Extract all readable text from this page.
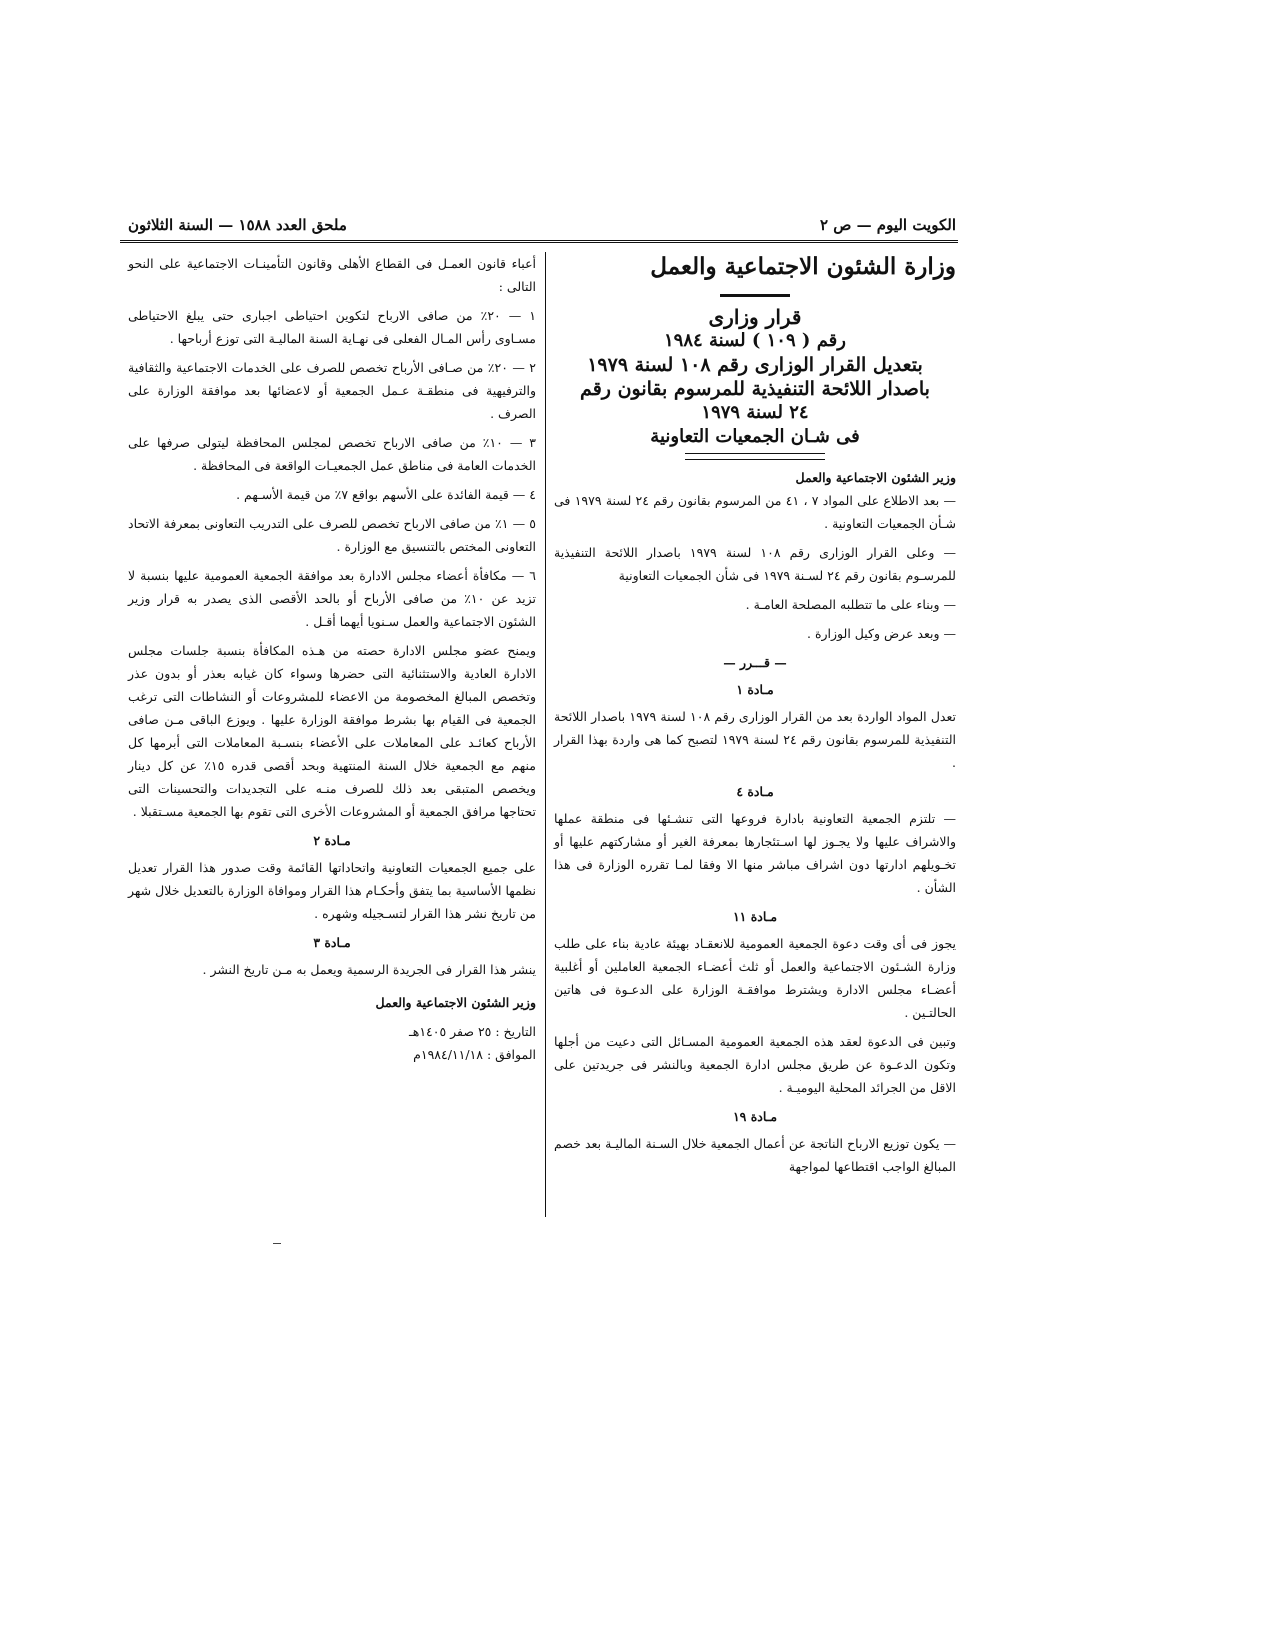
الكويت اليوم — ص ٢
ملحق العدد ١٥٨٨ — السنة الثلاثون
وزارة الشئون الاجتماعية والعمل
قرار وزارى
رقم ( ١٠٩ ) لسنة ١٩٨٤
بتعديل القرار الوزارى رقم ١٠٨ لسنة ١٩٧٩
باصدار اللائحة التنفيذية للمرسوم بقانون رقم
٢٤ لسنة ١٩٧٩
فى شـان الجمعيات التعاونية

وزير الشئون الاجتماعية والعمل

— بعد الاطلاع على المواد ٧ ، ٤١ من المرسوم بقانون رقم ٢٤ لسنة ١٩٧٩ فى شـأن الجمعيات التعاونية .

— وعلى القرار الوزارى رقم ١٠٨ لسنة ١٩٧٩ باصدار اللائحة التنفيذية للمرسـوم بقانون رقم ٢٤ لسـنة ١٩٧٩ فى شأن الجمعيات التعاونية

— وبناء على ما تتطلبه المصلحة العامـة .

— وبعد عرض وكيل الوزارة .

— قـــرر —
مـادة ١

تعدل المواد الواردة بعد من القرار الوزارى رقم ١٠٨ لسنة ١٩٧٩ باصدار اللائحة التنفيذية للمرسوم بقانون رقم ٢٤ لسنة ١٩٧٩ لتصبح كما هى واردة بهذا القرار .

مـادة ٤

— تلتزم الجمعية التعاونية بادارة فروعها التى تنشـئها فى منطقة عملها والاشراف عليها ولا يجـوز لها اسـتئجارها بمعرفة الغير أو مشاركتهم عليها أو تخـويلهم ادارتها دون اشراف مباشر منها الا وفقا لمـا تقرره الوزارة فى هذا الشأن .

مـادة ١١

يجوز فى أى وقت دعوة الجمعية العمومية للانعقـاد بهيئة عادية بناء على طلب وزارة الشـئون الاجتماعية والعمل أو ثلث أعضـاء الجمعية العاملين أو أغلبية أعضـاء مجلس الادارة ويشترط موافقـة الوزارة على الدعـوة فى هاتين الحالتـين .

وتبين فى الدعوة لعقد هذه الجمعية العمومية المسـائل التى دعيت من أجلها وتكون الدعـوة عن طريق مجلس ادارة الجمعية وبالنشر فى جريدتين على الاقل من الجرائد المحلية اليوميـة .

مـادة ١٩

— يكون توزيع الارباح الناتجة عن أعمال الجمعية خلال السـنة الماليـة بعد خصم المبالغ الواجب اقتطاعها لمواجهة

أعباء قانون العمـل فى القطاع الأهلى وقانون التأمينـات الاجتماعية على النحو التالى :

١ — ٢٠٪ من صافى الارباح لتكوين احتياطى اجبارى حتى يبلغ الاحتياطى مسـاوى رأس المـال الفعلى فى نهـاية السنة الماليـة التى توزع أرباحها .

٢ — ٢٠٪ من صـافى الأرباح تخصص للصرف على الخدمات الاجتماعية والثقافية والترفيهية فى منطقـة عـمل الجمعية أو لاعضائها بعد موافقة الوزارة على الصرف .

٣ — ١٠٪ من صافى الارباح تخصص لمجلس المحافظة ليتولى صرفها على الخدمات العامة فى مناطق عمل الجمعيـات الواقعة فى المحافظة .

٤ — قيمة الفائدة على الأسهم بواقع ٧٪ من قيمة الأسـهم .

٥ — ١٪ من صافى الارباح تخصص للصرف على التدريب التعاونى بمعرفة الاتحاد التعاونى المختص بالتنسيق مع الوزارة .

٦ — مكافأة أعضاء مجلس الادارة بعد موافقة الجمعية العمومية عليها بنسبة لا تزيد عن ١٠٪ من صافى الأرباح أو بالحد الأقصى الذى يصدر به قرار وزير الشئون الاجتماعية والعمل سـنويا أيهما أقـل .

ويمنح عضو مجلس الادارة حصته من هـذه المكافأة بنسبة جلسات مجلس الادارة العادية والاستثنائية التى حضرها وسواء كان غيابه بعذر أو بدون عذر وتخصص المبالغ المخصومة من الاعضاء للمشروعات أو النشاطات التى ترغب الجمعية فى القيام بها بشرط موافقة الوزارة عليها . ويوزع الباقى مـن صافى الأرباح كعائـد على المعاملات على الأعضاء بنسـبة المعاملات التى أبرمها كل منهم مع الجمعية خلال السنة المنتهية وبحد أقصى قدره ١٥٪ عن كل دينار ويخصص المتبقى بعد ذلك للصرف منـه على التجديدات والتحسينات التى تحتاجها مرافق الجمعية أو المشروعات الأخرى التى تقوم بها الجمعية مسـتقبلا .

مـادة ٢

على جميع الجمعيات التعاونية واتحاداتها القائمة وقت صدور هذا القرار تعديل نظمها الأساسية بما يتفق وأحكـام هذا القرار وموافاة الوزارة بالتعديل خلال شهر من تاريخ نشر هذا القرار لتسـجيله وشهره .

مـادة ٣

ينشر هذا القرار فى الجريدة الرسمية ويعمل به مـن تاريخ النشر .

وزير الشئون الاجتماعية والعمل

التاريخ : ٢٥ صفر ١٤٠٥هـ

الموافق : ١٩٨٤/١١/١٨م
